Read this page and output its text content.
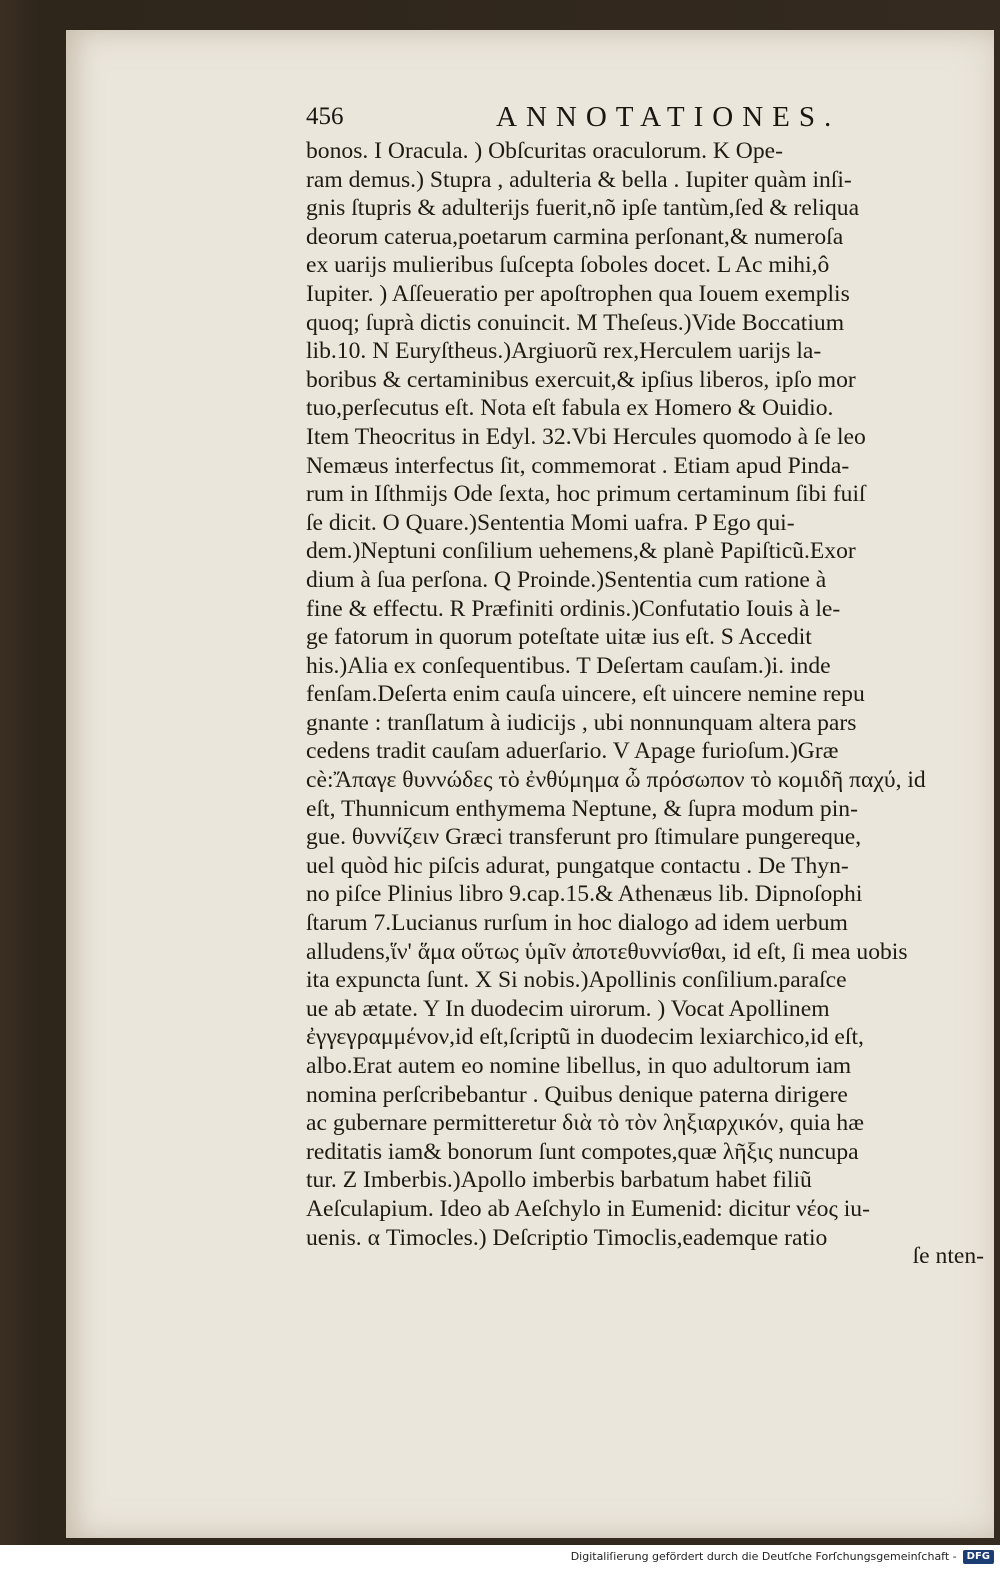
456	ANNOTATIONES.
bonos. I Oracula. ) Obſcuritas oraculorum. K Ope-
ram demus.) Stupra , adulteria & bella . Iupiter quàm inſi-
gnis ſtupris & adulterijs fuerit,nõ ipſe tantùm,ſed & reliqua
deorum caterua,poetarum carmina perſonant,& numeroſa
ex uarijs mulieribus ſuſcepta ſoboles docet. L Ac mihi,ô
Iupiter. ) Aſſeueratio per apoſtrophen qua Iouem exemplis
quoq; ſuprà dictis conuincit. M Theſeus.)Vide Boccatium
lib.10. N Euryſtheus.)Argiuorũ rex,Herculem uarijs la-
boribus & certaminibus exercuit,& ipſius liberos, ipſo mor
tuo,perſecutus eſt. Nota eſt fabula ex Homero & Ouidio.
Item Theocritus in Edyl. 32.Vbi Hercules quomodo à ſe leo
Nemæus interfectus ſit, commemorat . Etiam apud Pinda-
rum in Iſthmijs Ode ſexta, hoc primum certaminum ſibi fuiſ
ſe dicit. O Quare.)Sententia Momi uafra. P Ego qui-
dem.)Neptuni conſilium uehemens,& planè Papiſticũ.Exor
dium à ſua perſona. Q Proinde.)Sententia cum ratione à
fine & effectu. R Præfiniti ordinis.)Confutatio Iouis à le-
ge fatorum in quorum poteſtate uitæ ius eſt. S Accedit
his.)Alia ex conſequentibus. T Deſertam cauſam.)i. inde
fenſam.Deſerta enim cauſa uincere, eſt uincere nemine repu
gnante : tranſlatum à iudicijs , ubi nonnunquam altera pars
cedens tradit cauſam aduerſario. V Apage furioſum.)Græ
cè:Ἄπαγε θυννώδες τὸ ἐνθύμημα ὦ πρόσωπον τὸ κομιδῆ παχύ, id
eſt, Thunnicum enthymema Neptune, & ſupra modum pin-
gue. θυννίζειν Græci transferunt pro ſtimulare pungereque,
uel quòd hic piſcis adurat, pungatque contactu . De Thyn-
no piſce Plinius libro 9.cap.15.& Athenæus lib. Dipnoſophi
ſtarum 7.Lucianus rurſum in hoc dialogo ad idem uerbum
alludens,ἵν' ἅμα οὕτως ὑμῖν ἀποτεθυννίσθαι, id eſt, ſi mea uobis
ita expuncta ſunt. X Si nobis.)Apollinis conſilium.paraſce
ue ab ætate. Y In duodecim uirorum. ) Vocat Apollinem
ἐγγεγραμμένον,id eſt,ſcriptũ in duodecim lexiarchico,id eſt,
albo.Erat autem eo nomine libellus, in quo adultorum iam
nomina perſcribebantur . Quibus denique paterna dirigere
ac gubernare permitteretur διὰ τὸ τὸν ληξιαρχικόν, quia hæ
reditatis iam& bonorum ſunt compotes,quæ λῆξις nuncupa
tur. Z Imberbis.)Apollo imberbis barbatum habet filiũ
Aeſculapium. Ideo ab Aeſchylo in Eumenid: dicitur νέος iu-
uenis. α Timocles.) Deſcriptio Timoclis,eademque ratio
ſe nten-
Digitaliſierung gefördert durch die Deutſche Forſchungsgemeinſchaft - DFG
